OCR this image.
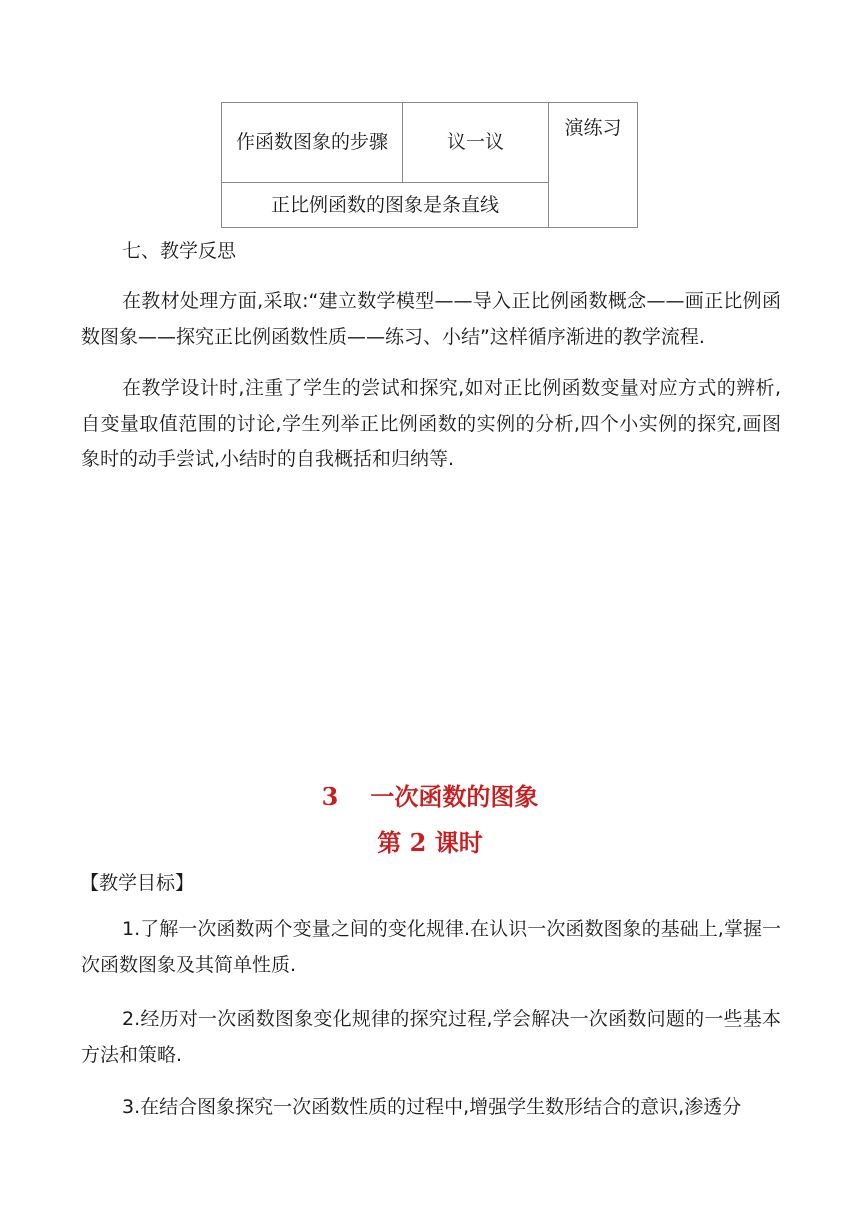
作函数图象的步骤	议一议	演练习
正比例函数的图象是条直线
七、教学反思
在教材处理方面,采取:“建立数学模型——导入正比例函数概念——画正比例函数图象——探究正比例函数性质——练习、小结”这样循序渐进的教学流程.
在教学设计时,注重了学生的尝试和探究,如对正比例函数变量对应方式的辨析,自变量取值范围的讨论,学生列举正比例函数的实例的分析,四个小实例的探究,画图象时的动手尝试,小结时的自我概括和归纳等.
3 一次函数的图象
第 2 课时
【教学目标】
1.了解一次函数两个变量之间的变化规律.在认识一次函数图象的基础上,掌握一次函数图象及其简单性质.
2.经历对一次函数图象变化规律的探究过程,学会解决一次函数问题的一些基本方法和策略.
3.在结合图象探究一次函数性质的过程中,增强学生数形结合的意识,渗透分
